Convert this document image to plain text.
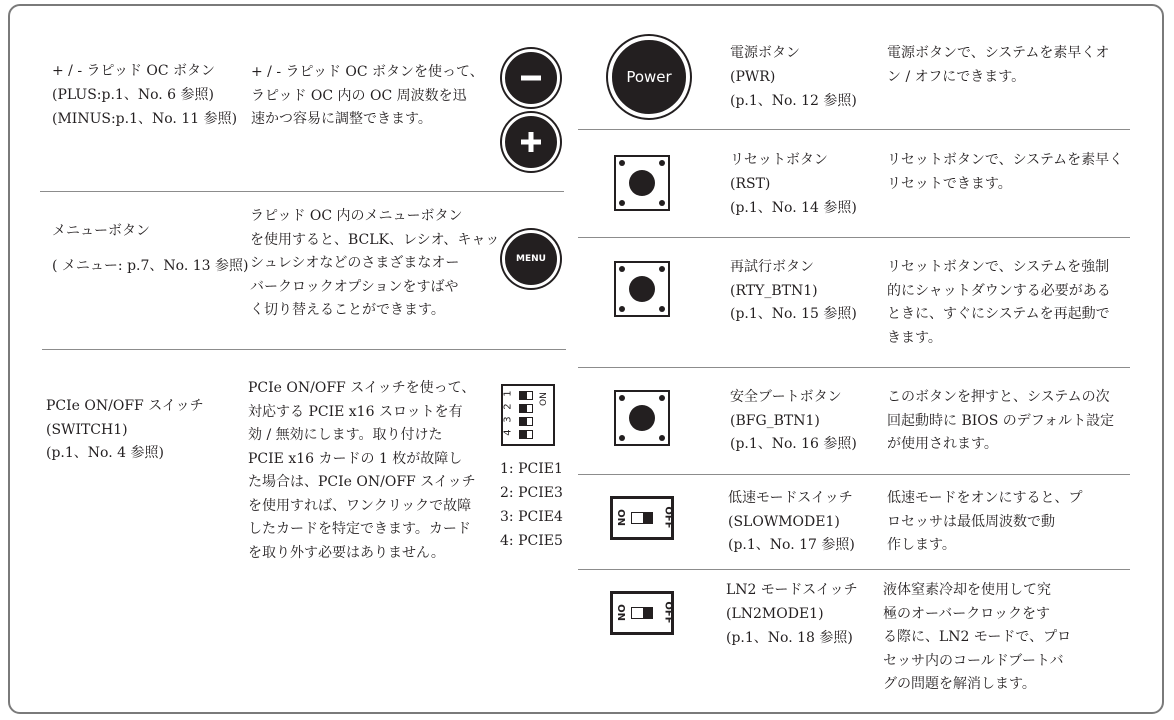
+ / - ラピッド OC ボタン
(PLUS:p.1、No. 6 参照)
(MINUS:p.1、No. 11 参照)
+ / - ラピッド OC ボタンを使って、
ラピッド OC 内の OC 周波数を迅
速かつ容易に調整できます。
メニューボタン
( メニュー: p.7、No. 13 参照)
ラピッド OC 内のメニューボタン
を使用すると、BCLK、レシオ、キャッ
シュレシオなどのさまざまなオー
バークロックオプションをすばや
く切り替えることができます。
MENU
PCIe ON/OFF スイッチ
(SWITCH1)
(p.1、No. 4 参照)
PCIe ON/OFF スイッチを使って、
対応する PCIE x16 スロットを有
効 / 無効にします。取り付けた
PCIE x16 カードの 1 枚が故障し
た場合は、PCIe ON/OFF スイッチ
を使用すれば、ワンクリックで故障
したカードを特定できます。カード
を取り外す必要はありません。
1
2
3
4
ON
1: PCIE1
2: PCIE3
3: PCIE4
4: PCIE5
Power
電源ボタン
(PWR)
(p.1、No. 12 参照)
電源ボタンで、システムを素早くオ
ン / オフにできます。
リセットボタン
(RST)
(p.1、No. 14 参照)
リセットボタンで、システムを素早く
リセットできます。
再試行ボタン
(RTY_BTN1)
(p.1、No. 15 参照)
リセットボタンで、システムを強制
的にシャットダウンする必要がある
ときに、すぐにシステムを再起動で
きます。
安全ブートボタン
(BFG_BTN1)
(p.1、No. 16 参照)
このボタンを押すと、システムの次
回起動時に BIOS のデフォルト設定
が使用されます。
ON	OFF
低速モードスイッチ
(SLOWMODE1)
(p.1、No. 17 参照)
低速モードをオンにすると、プ
ロセッサは最低周波数で動
作します。
ON	OFF
LN2 モードスイッチ
(LN2MODE1)
(p.1、No. 18 参照)
液体窒素冷却を使用して究
極のオーバークロックをす
る際に、LN2 モードで、プロ
セッサ内のコールドブートバ
グの問題を解消します。
